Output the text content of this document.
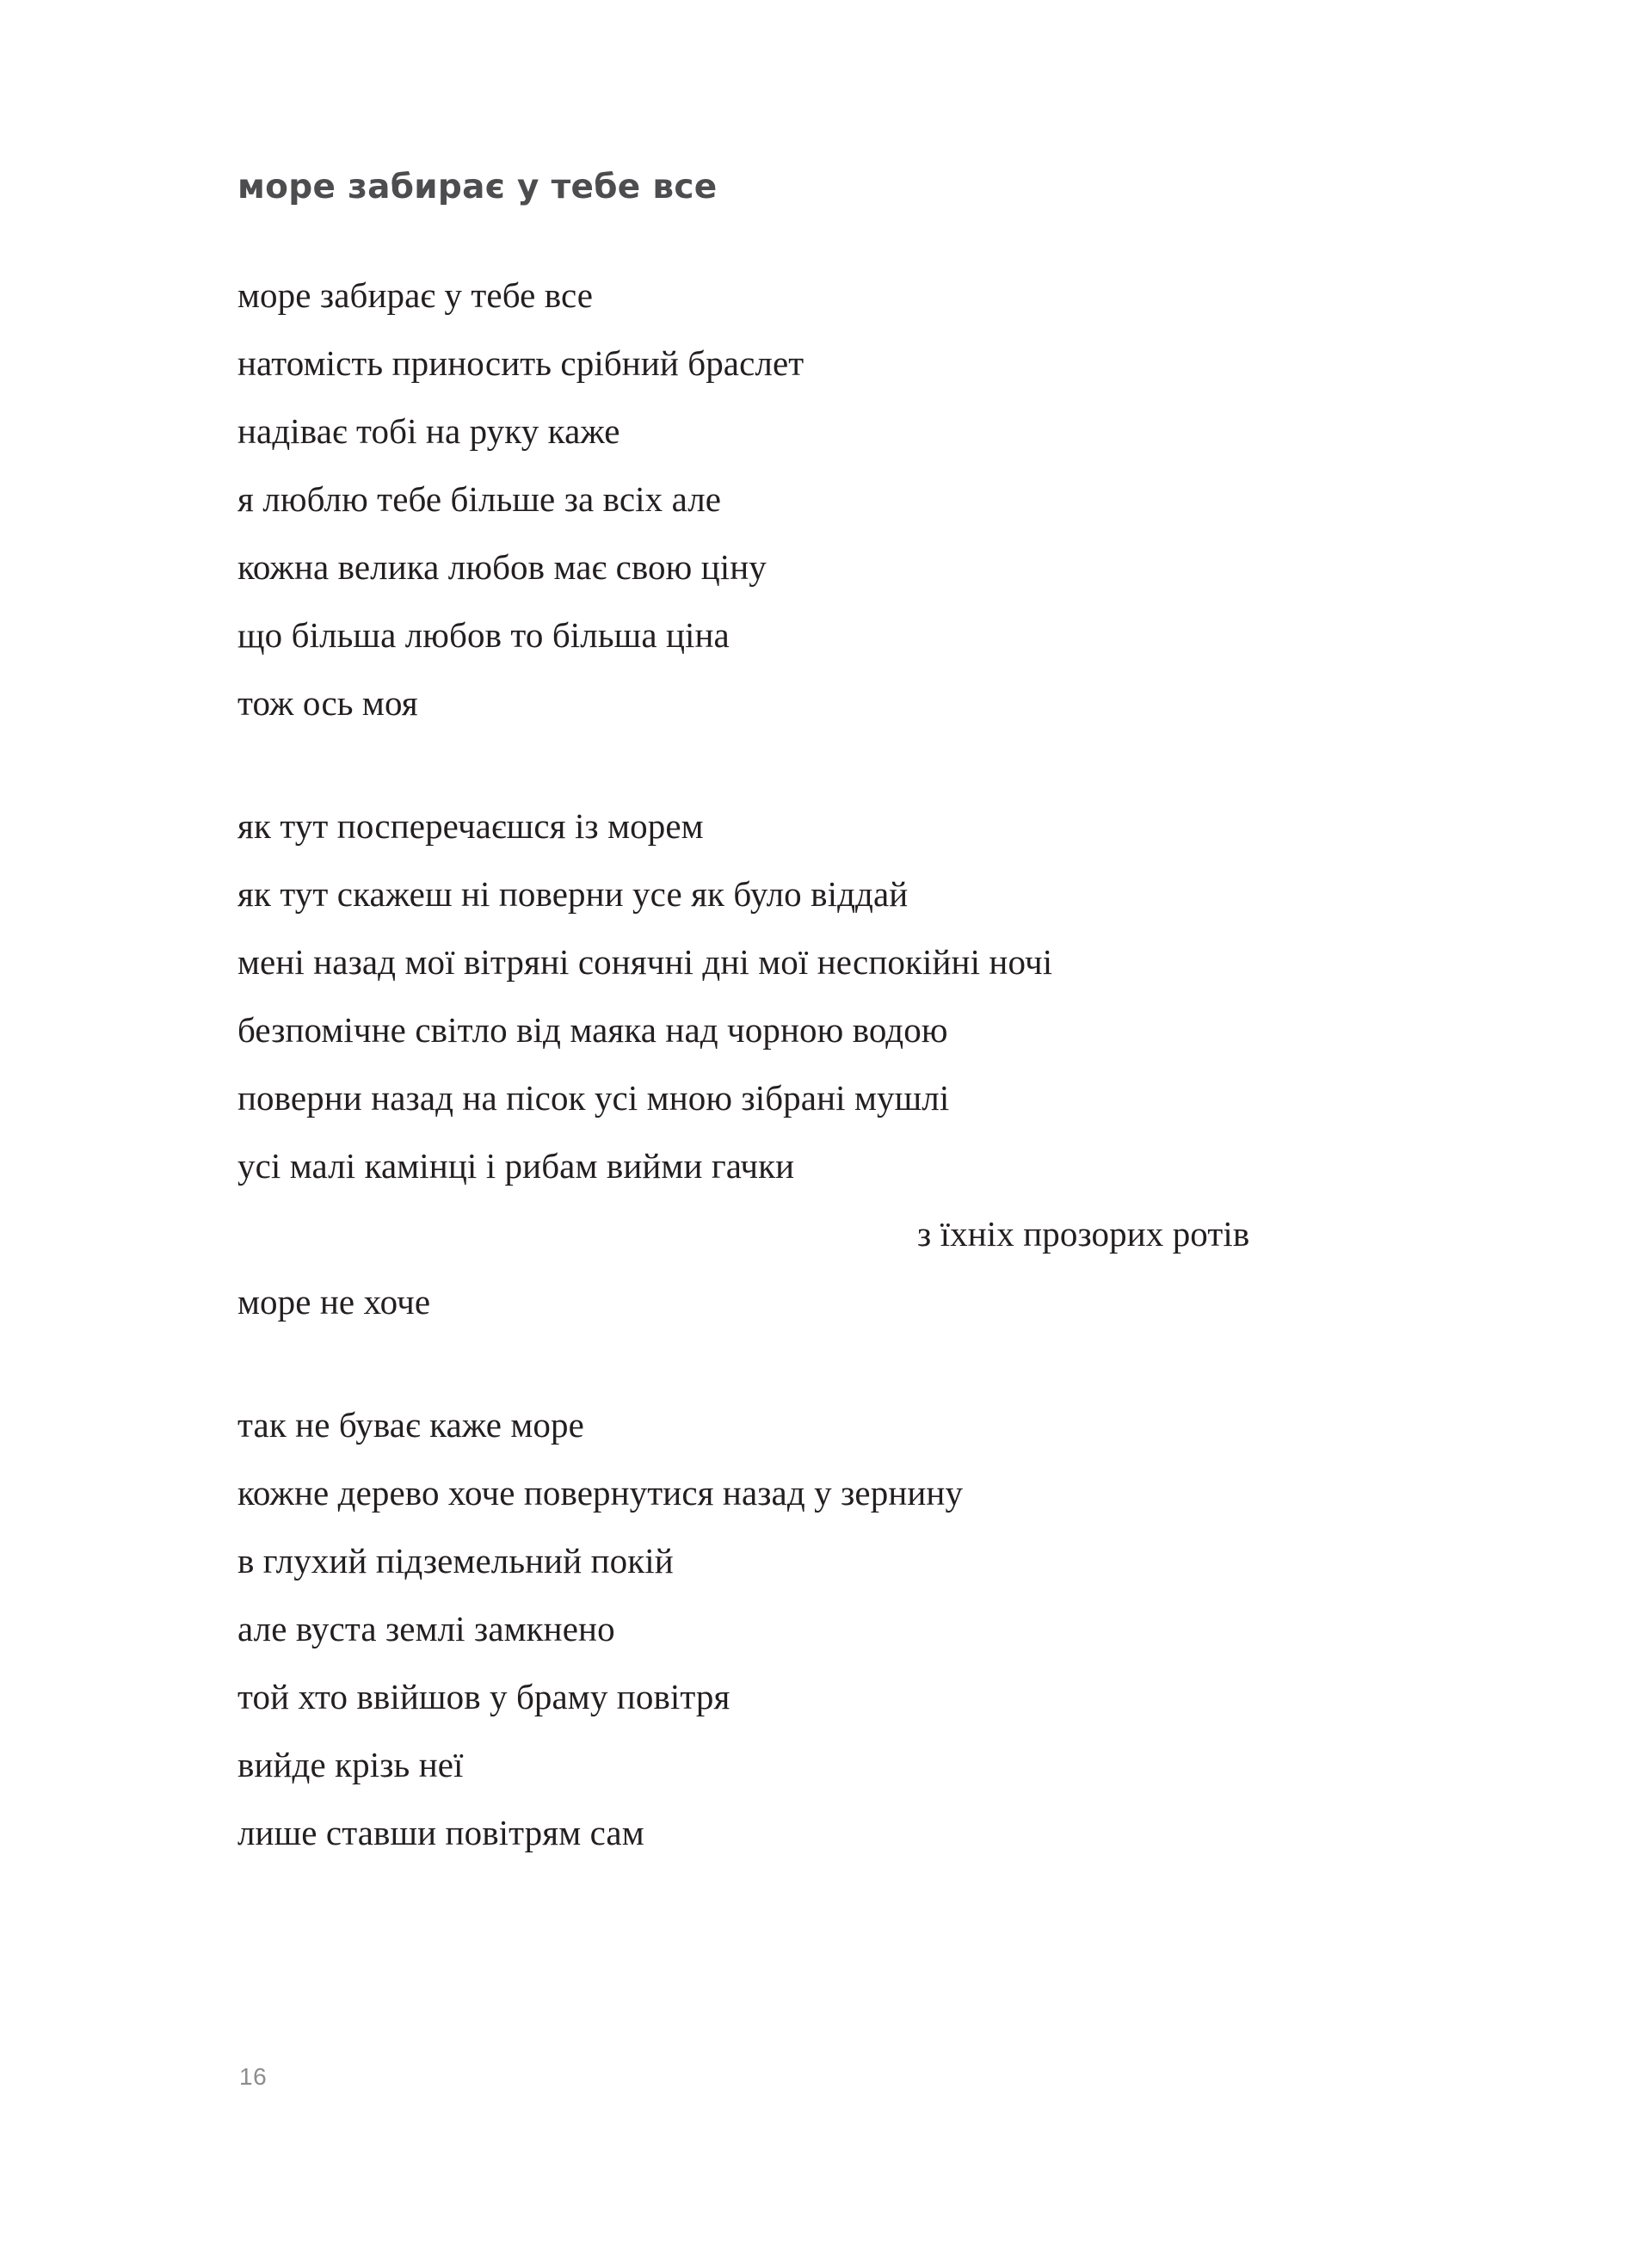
море забирає у тебе все
море забирає у тебе все
натомість приносить срібний браслет
надіває тобі на руку каже
я люблю тебе більше за всіх але
кожна велика любов має свою ціну
що більша любов то більша ціна
тож ось моя
як тут посперечаєшся із морем
як тут скажеш ні поверни усе як було віддай
мені назад мої вітряні сонячні дні мої неспокійні ночі
безпомічне світло від маяка над чорною водою
поверни назад на пісок усі мною зібрані мушлі
усі малі камінці і рибам вийми гачки
з їхніх прозорих ротів
море не хоче
так не буває каже море
кожне дерево хоче повернутися назад у зернину
в глухий підземельний покій
але вуста землі замкнено
той хто ввійшов у браму повітря
вийде крізь неї
лише ставши повітрям сам
16
